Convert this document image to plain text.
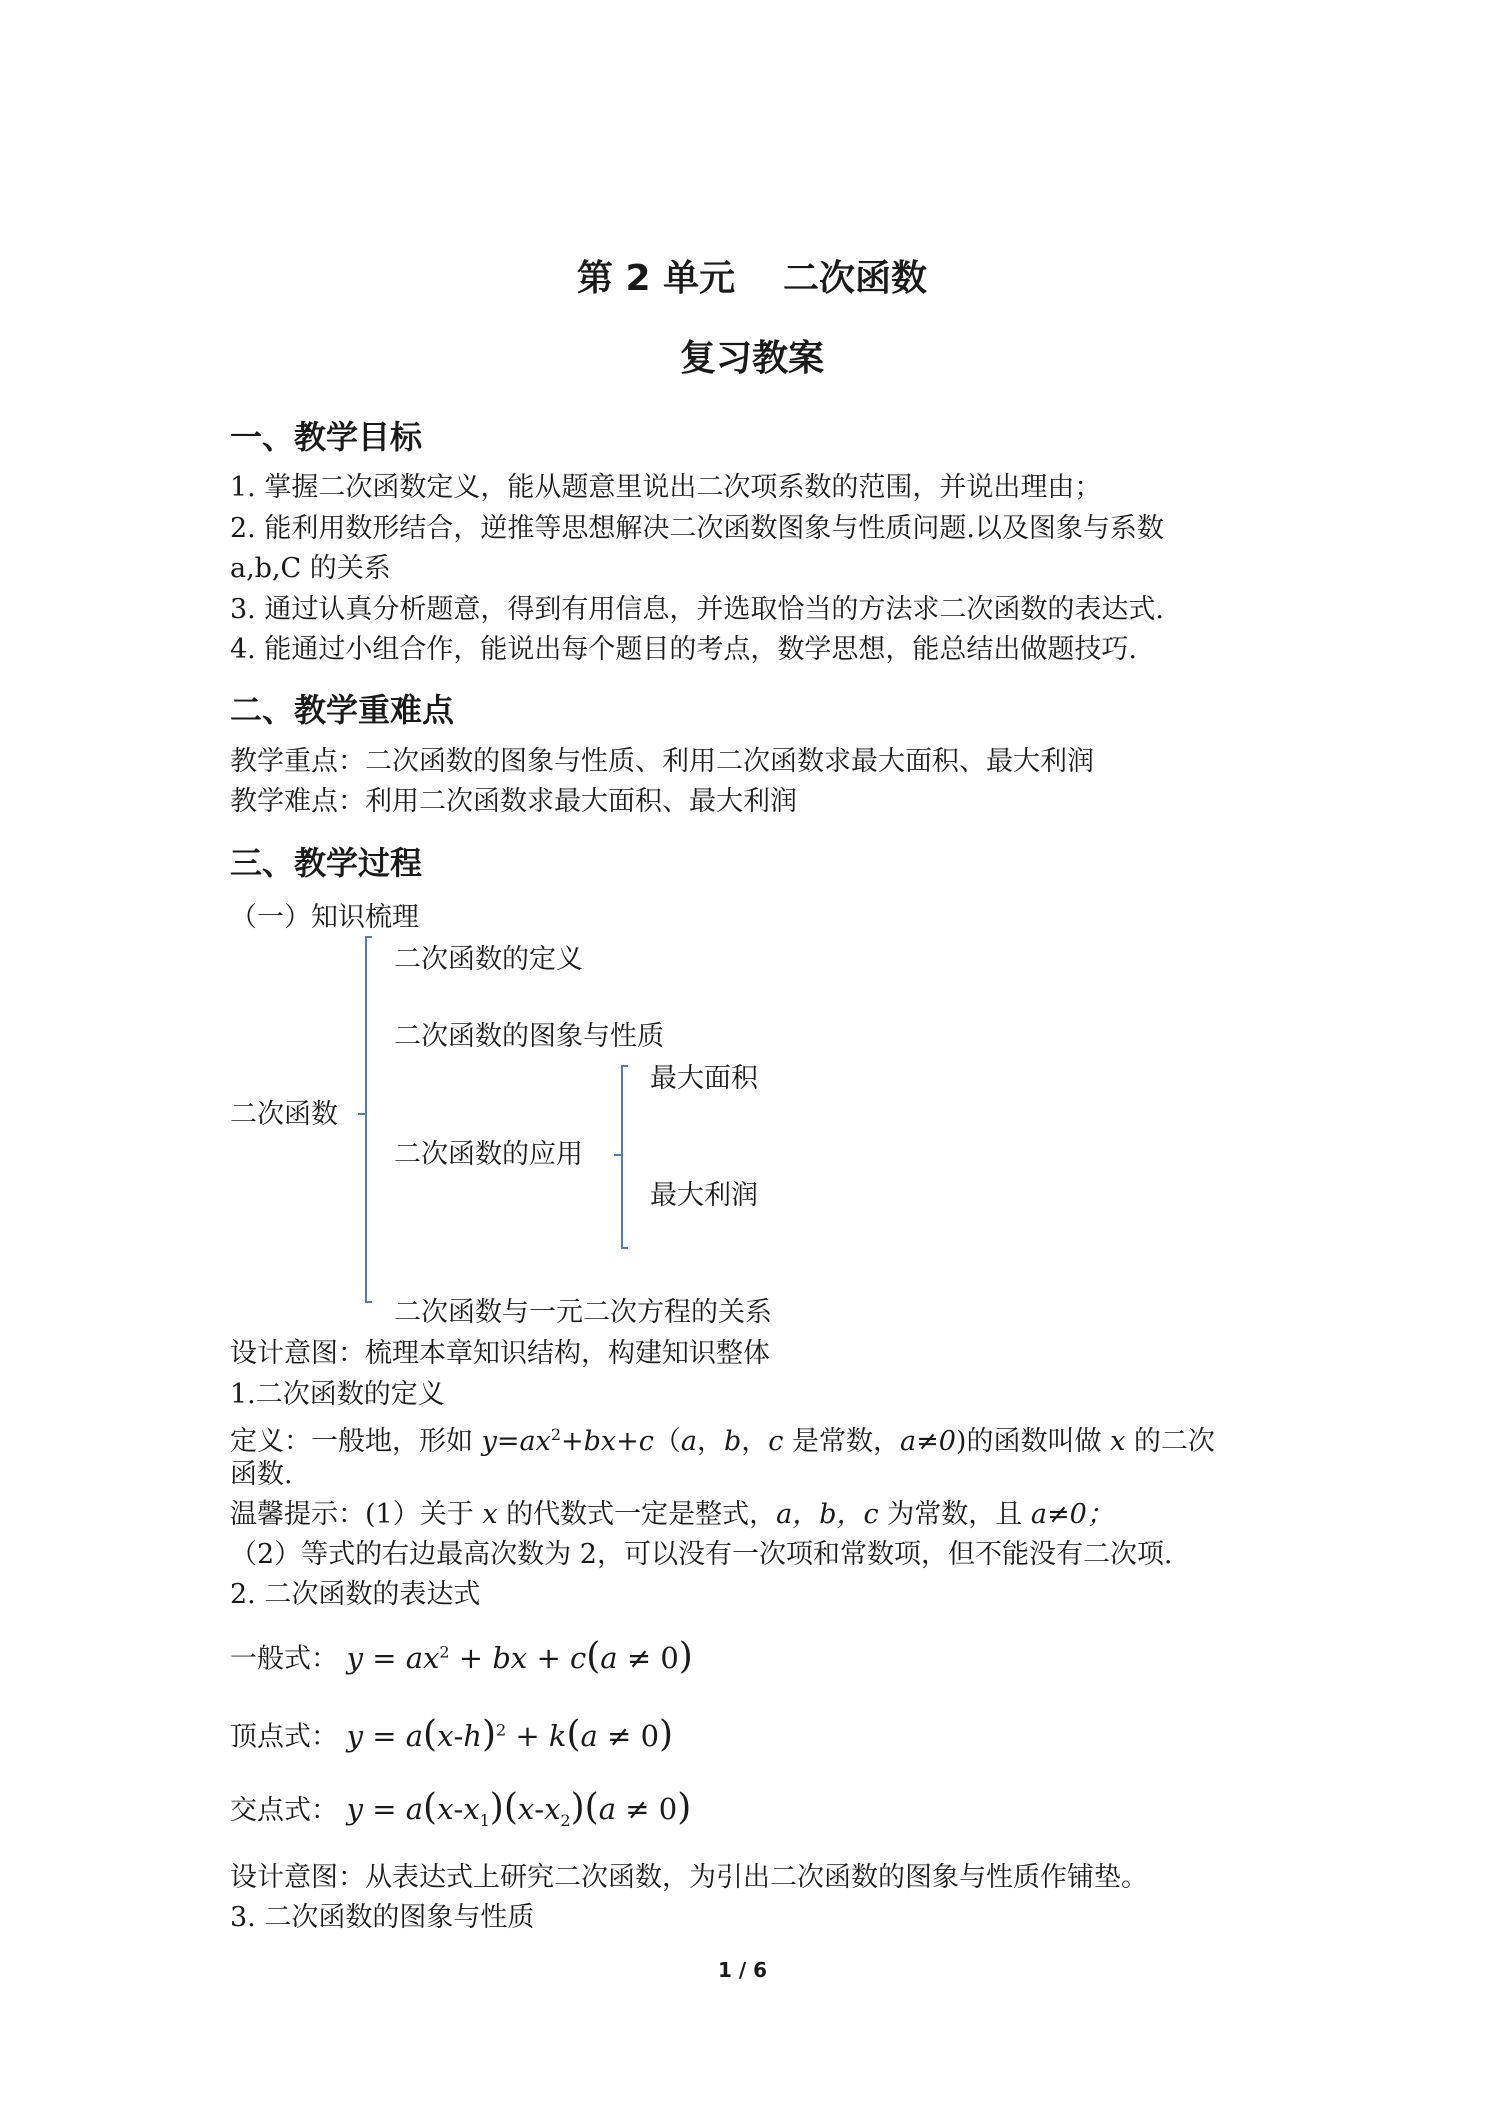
第 2 单元 二次函数
复习教案
一、教学目标
1. 掌握二次函数定义，能从题意里说出二次项系数的范围，并说出理由；
2. 能利用数形结合，逆推等思想解决二次函数图象与性质问题.以及图象与系数
a,b,C 的关系
3. 通过认真分析题意，得到有用信息，并选取恰当的方法求二次函数的表达式.
4. 能通过小组合作，能说出每个题目的考点，数学思想，能总结出做题技巧.
二、教学重难点
教学重点：二次函数的图象与性质、利用二次函数求最大面积、最大利润
教学难点：利用二次函数求最大面积、最大利润
三、教学过程
（一）知识梳理
二次函数
二次函数的定义
二次函数的图象与性质
二次函数的应用
二次函数与一元二次方程的关系
最大面积
最大利润
设计意图：梳理本章知识结构，构建知识整体
1.二次函数的定义
定义：一般地，形如 $y=ax^2+bx+c(a$，b，c 是常数，a≠0)的函数叫做 x 的二次
函数.
温馨提示：(1）关于 x 的代数式一定是整式，a，b，c 为常数，且 a≠0；
（2）等式的右边最高次数为 2，可以没有一次项和常数项，但不能没有二次项.
2. 二次函数的表达式
一般式： $y = ax^2$ + bx + c(a ≠ 0)
顶点式： $y = a(x-h)^2 + k(a \ne 0)$
交点式： $y = a(x-x_1)(x-x_2)(a \ne 0)$
设计意图：从表达式上研究二次函数，为引出二次函数的图象与性质作铺垫。
3. 二次函数的图象与性质
1 / 6
